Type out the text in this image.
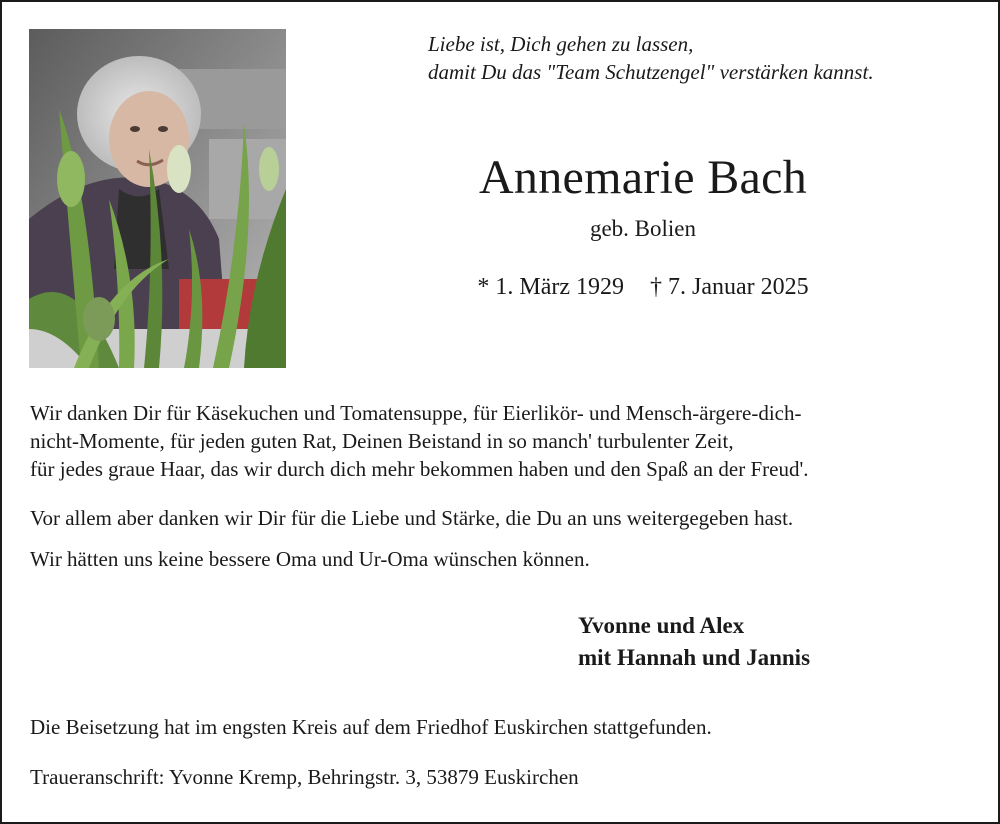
Liebe ist, Dich gehen zu lassen,
damit Du das "Team Schutzengel" verstärken kannst.
Annemarie Bach
geb. Bolien
* 1. März 1929 † 7. Januar 2025
Wir danken Dir für Käsekuchen und Tomatensuppe, für Eierlikör- und Mensch-ärgere-dich-
nicht-Momente, für jeden guten Rat, Deinen Beistand in so manch' turbulenter Zeit,
für jedes graue Haar, das wir durch dich mehr bekommen haben und den Spaß an der Freud'.
Vor allem aber danken wir Dir für die Liebe und Stärke, die Du an uns weitergegeben hast.
Wir hätten uns keine bessere Oma und Ur-Oma wünschen können.
Yvonne und Alex
mit Hannah und Jannis
Die Beisetzung hat im engsten Kreis auf dem Friedhof Euskirchen stattgefunden.
Traueranschrift: Yvonne Kremp, Behringstr. 3, 53879 Euskirchen
